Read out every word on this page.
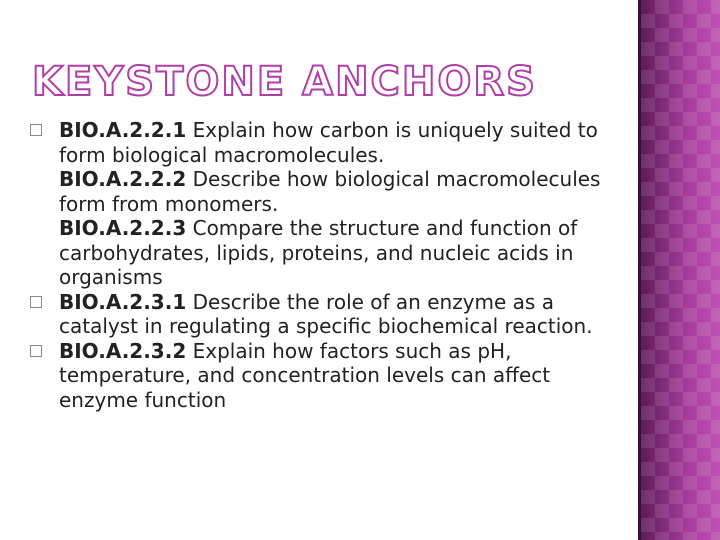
KEYSTONE ANCHORS
BIO.A.2.2.1 Explain how carbon is uniquely suited to form biological macromolecules.
BIO.A.2.2.2 Describe how biological macromolecules form from monomers.
BIO.A.2.2.3 Compare the structure and function of carbohydrates, lipids, proteins, and nucleic acids in organisms
BIO.A.2.3.1 Describe the role of an enzyme as a catalyst in regulating a specific biochemical reaction.
BIO.A.2.3.2 Explain how factors such as pH, temperature, and concentration levels can affect enzyme function
